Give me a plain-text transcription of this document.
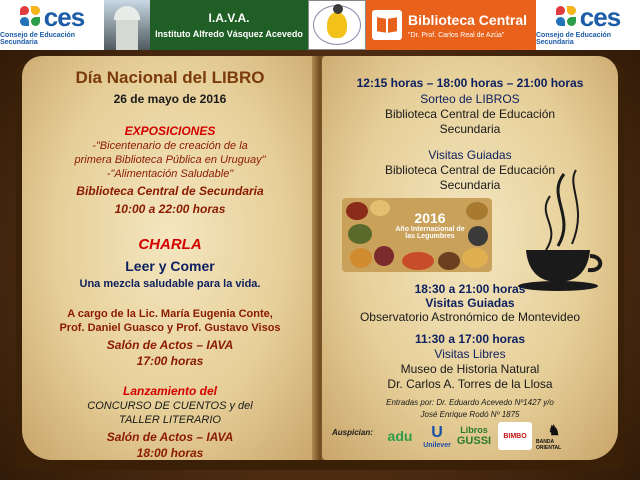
ces
Consejo de Educación Secundaria
I.A.V.A.
Instituto Alfredo Vásquez Acevedo
Biblioteca Central
"Dr. Prof. Carlos Real de Azúa"
ces
Consejo de Educación Secundaria
Día Nacional del LIBRO
26 de mayo de 2016
EXPOSICIONES
-"Bicentenario de creación de la
primera Biblioteca Pública en Uruguay"
-"Alimentación Saludable"
Biblioteca Central de Secundaria
10:00 a 22:00 horas
CHARLA
Leer y Comer
Una mezcla saludable para la vida.
A cargo de la Lic. María Eugenia Conte,
Prof. Daniel Guasco y Prof. Gustavo Visos
Salón de Actos – IAVA
17:00 horas
Lanzamiento del
CONCURSO DE CUENTOS y del
TALLER LITERARIO
Salón de Actos – IAVA
18:00 horas
12:15 horas – 18:00 horas – 21:00 horas
Sorteo de LIBROS
Biblioteca Central de Educación
Secundaria
Visitas Guiadas
Biblioteca Central de Educación
Secundaria
2016
Año Internacional de las Legumbres
18:30 a 21:00 horas
Visitas Guiadas
Observatorio Astronómico de Montevideo
11:30 a 17:00 horas
Visitas Libres
Museo de Historia Natural
Dr. Carlos A. Torres de la Llosa
Entradas por: Dr. Eduardo Acevedo Nº1427 y/o
José Enrique Rodó Nº 1875
Auspician:	adu	U
Unilever
Libros
GUSSI	BIMBO	♞
BANDA ORIENTAL
